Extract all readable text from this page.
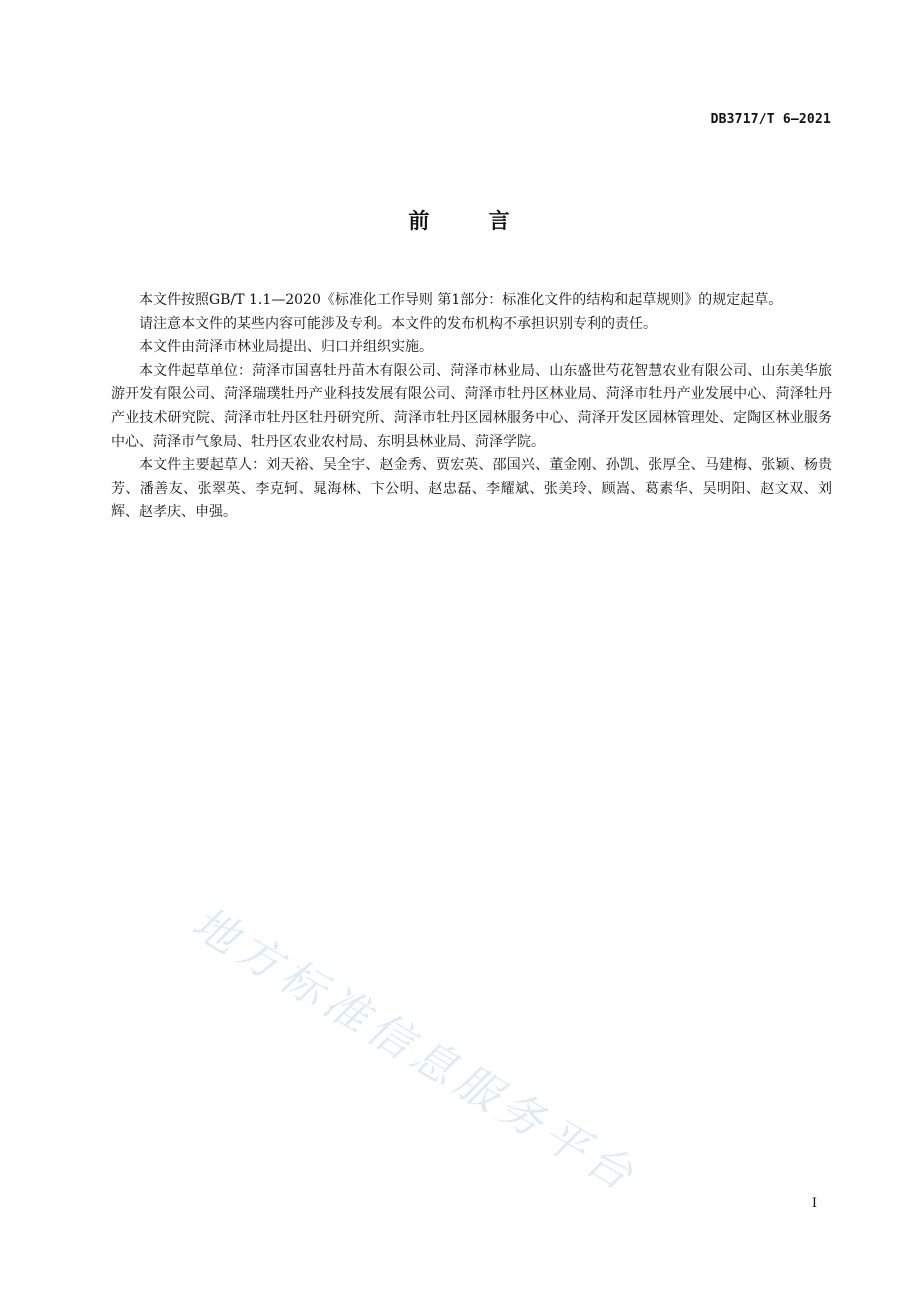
DB3717/T 6—2021
前 言

本文件按照GB/T 1.1—2020《标准化工作导则 第1部分：标准化文件的结构和起草规则》的规定起草。

请注意本文件的某些内容可能涉及专利。本文件的发布机构不承担识别专利的责任。

本文件由菏泽市林业局提出、归口并组织实施。

本文件起草单位：菏泽市国喜牡丹苗木有限公司、菏泽市林业局、山东盛世芍花智慧农业有限公司、山东美华旅游开发有限公司、菏泽瑞璞牡丹产业科技发展有限公司、菏泽市牡丹区林业局、菏泽市牡丹产业发展中心、菏泽牡丹产业技术研究院、菏泽市牡丹区牡丹研究所、菏泽市牡丹区园林服务中心、菏泽开发区园林管理处、定陶区林业服务中心、菏泽市气象局、牡丹区农业农村局、东明县林业局、菏泽学院。

本文件主要起草人：刘天裕、吴全宇、赵金秀、贾宏英、邵国兴、董金刚、孙凯、张厚全、马建梅、张颖、杨贵芳、潘善友、张翠英、李克轲、晁海林、卞公明、赵忠磊、李耀斌、张美玲、顾嵩、葛素华、吴明阳、赵文双、刘辉、赵孝庆、申强。

地方标准信息服务平台	I
